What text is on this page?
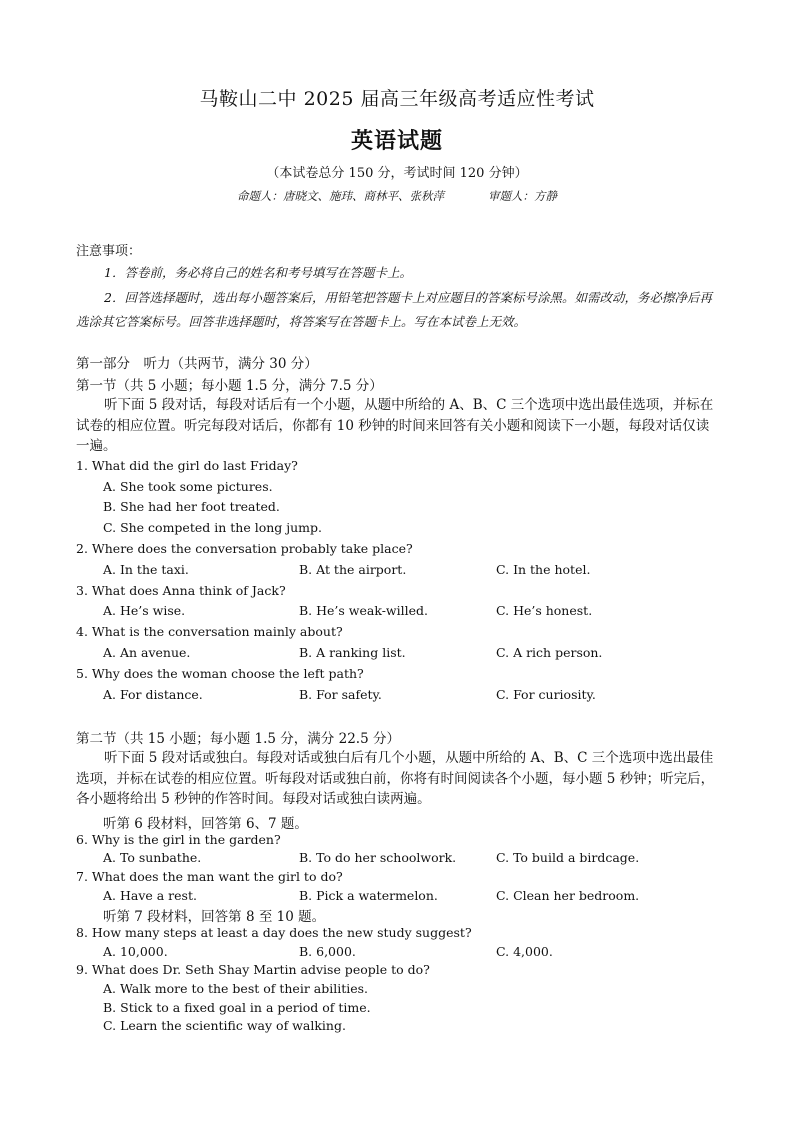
马鞍山二中 2025 届高三年级高考适应性考试
英语试题
（本试卷总分 150 分，考试时间 120 分钟）
命题人：唐晓文、施玮、商林平、张秋萍	审题人：方静
注意事项：
1．答卷前，务必将自己的姓名和考号填写在答题卡上。
2．回答选择题时，选出每小题答案后，用铅笔把答题卡上对应题目的答案标号涂黑。如需改动，务必擦净后再选涂其它答案标号。回答非选择题时，将答案写在答题卡上。写在本试卷上无效。
第一部分　听力（共两节，满分 30 分）
第一节（共 5 小题；每小题 1.5 分，满分 7.5 分）
听下面 5 段对话，每段对话后有一个小题，从题中所给的 A、B、C 三个选项中选出最佳选项，并标在试卷的相应位置。听完每段对话后，你都有 10 秒钟的时间来回答有关小题和阅读下一小题，每段对话仅读一遍。
1. What did the girl do last Friday?
A. She took some pictures.
B. She had her foot treated.
C. She competed in the long jump.
2. Where does the conversation probably take place?
A. In the taxi.	B. At the airport.	C. In the hotel.
3. What does Anna think of Jack?
A. He’s wise.	B. He’s weak-willed.	C. He’s honest.
4. What is the conversation mainly about?
A. An avenue.	B. A ranking list.	C. A rich person.
5. Why does the woman choose the left path?
A. For distance.	B. For safety.	C. For curiosity.
第二节（共 15 小题；每小题 1.5 分，满分 22.5 分）
听下面 5 段对话或独白。每段对话或独白后有几个小题，从题中所给的 A、B、C 三个选项中选出最佳选项，并标在试卷的相应位置。听每段对话或独白前，你将有时间阅读各个小题，每小题 5 秒钟；听完后，各小题将给出 5 秒钟的作答时间。每段对话或独白读两遍。
听第 6 段材料，回答第 6、7 题。
6. Why is the girl in the garden?
A. To sunbathe.	B. To do her schoolwork.	C. To build a birdcage.
7. What does the man want the girl to do?
A. Have a rest.	B. Pick a watermelon.	C. Clean her bedroom.
听第 7 段材料，回答第 8 至 10 题。
8. How many steps at least a day does the new study suggest?
A. 10,000.	B. 6,000.	C. 4,000.
9. What does Dr. Seth Shay Martin advise people to do?
A. Walk more to the best of their abilities.
B. Stick to a fixed goal in a period of time.
C. Learn the scientific way of walking.
